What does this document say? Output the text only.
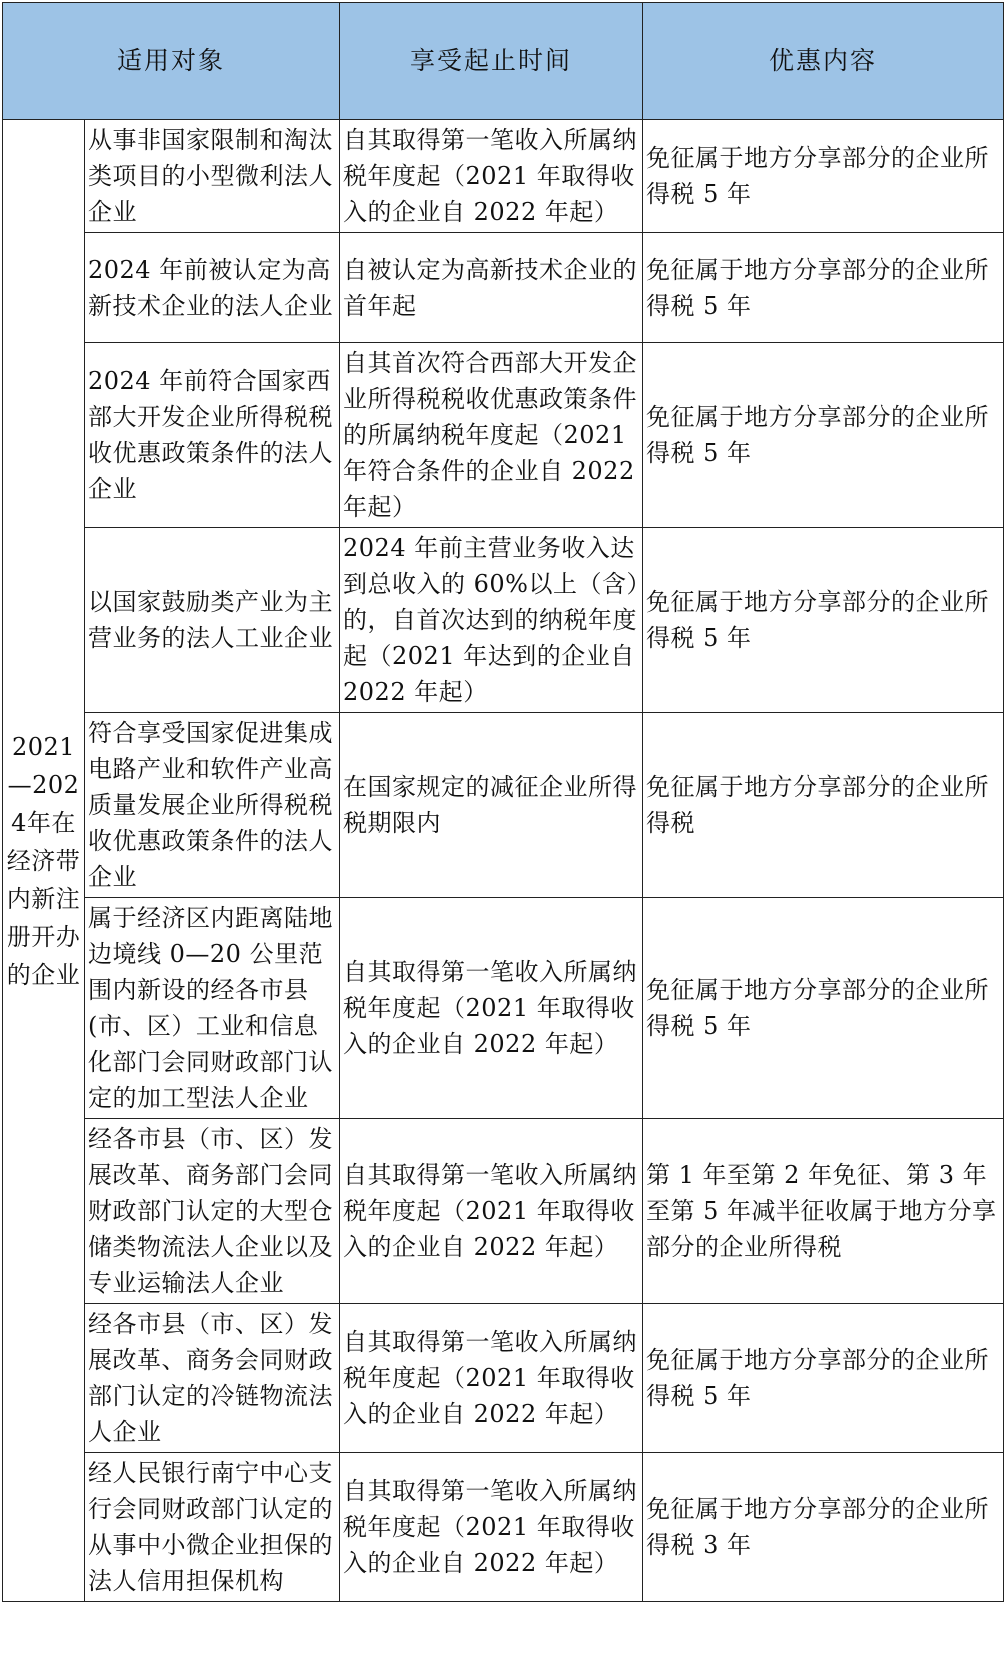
适用对象		享受起止时间	优惠内容
2021—2024年在经济带内新注册开办的企业	从事非国家限制和淘汰类项目的小型微利法人企业	自其取得第一笔收入所属纳税年度起（2021 年取得收入的企业自 2022 年起）	免征属于地方分享部分的企业所得税 5 年
	2024 年前被认定为高新技术企业的法人企业	自被认定为高新技术企业的首年起	免征属于地方分享部分的企业所得税 5 年
	2024 年前符合国家西部大开发企业所得税税收优惠政策条件的法人企业	自其首次符合西部大开发企业所得税税收优惠政策条件的所属纳税年度起（2021 年符合条件的企业自 2022 年起）	免征属于地方分享部分的企业所得税 5 年
	以国家鼓励类产业为主营业务的法人工业企业	2024 年前主营业务收入达到总收入的 60%以上（含）的，自首次达到的纳税年度起（2021 年达到的企业自 2022 年起）	免征属于地方分享部分的企业所得税 5 年
	符合享受国家促进集成电路产业和软件产业高质量发展企业所得税税收优惠政策条件的法人企业	在国家规定的减征企业所得税期限内	免征属于地方分享部分的企业所得税
	属于经济区内距离陆地边境线 0—20 公里范围内新设的经各市县(市、区）工业和信息化部门会同财政部门认定的加工型法人企业	自其取得第一笔收入所属纳税年度起（2021 年取得收入的企业自 2022 年起）	免征属于地方分享部分的企业所得税 5 年
	经各市县（市、区）发展改革、商务部门会同财政部门认定的大型仓储类物流法人企业以及专业运输法人企业	自其取得第一笔收入所属纳税年度起（2021 年取得收入的企业自 2022 年起）	第 1 年至第 2 年免征、第 3 年至第 5 年减半征收属于地方分享部分的企业所得税
	经各市县（市、区）发展改革、商务会同财政部门认定的冷链物流法人企业	自其取得第一笔收入所属纳税年度起（2021 年取得收入的企业自 2022 年起）	免征属于地方分享部分的企业所得税 5 年
	经人民银行南宁中心支行会同财政部门认定的从事中小微企业担保的法人信用担保机构	自其取得第一笔收入所属纳税年度起（2021 年取得收入的企业自 2022 年起）	免征属于地方分享部分的企业所得税 3 年
